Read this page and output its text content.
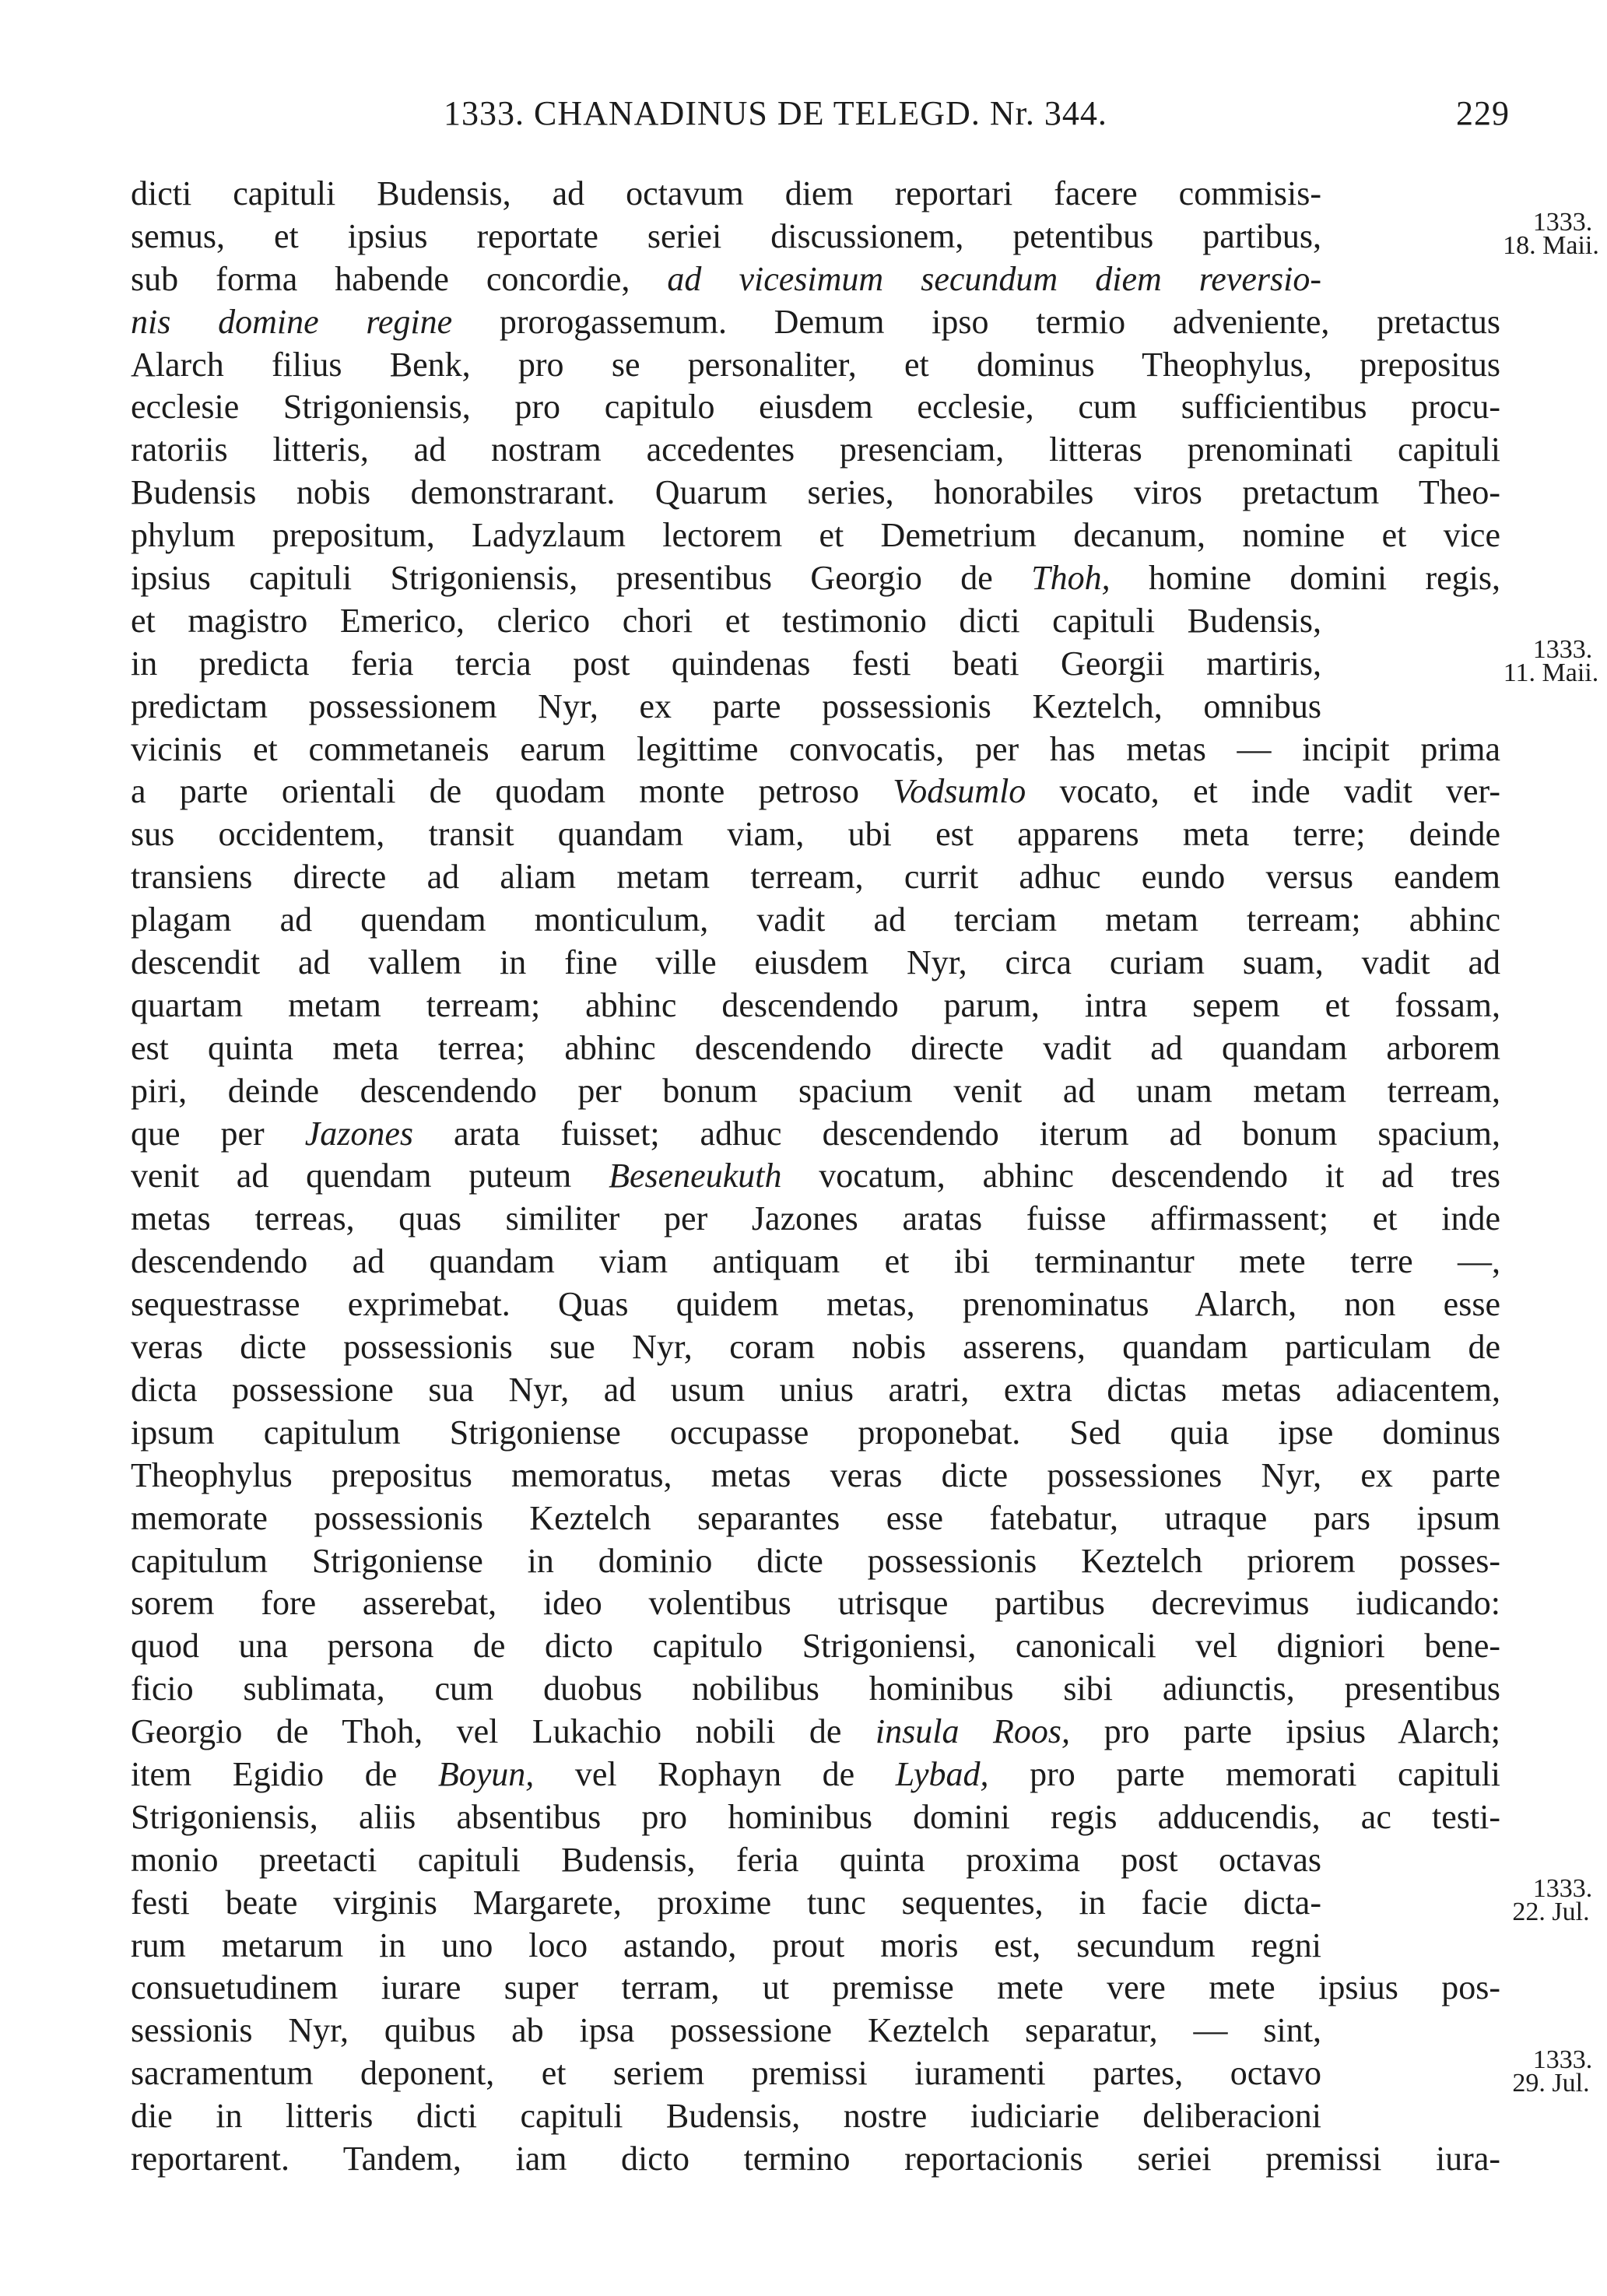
1333. CHANADINUS DE TELEGD. Nr. 344.	229
dicti capituli Budensis, ad octavum diem reportari facere commisis-
semus, et ipsius reportate seriei discussionem, petentibus partibus,
sub forma habende concordie, ad vicesimum secundum diem reversio-
nis domine regine prorogassemum. Demum ipso termio adveniente, pretactus
Alarch filius Benk, pro se personaliter, et dominus Theophylus, prepositus
ecclesie Strigoniensis, pro capitulo eiusdem ecclesie, cum sufficientibus procu-
ratoriis litteris, ad nostram accedentes presenciam, litteras prenominati capituli
Budensis nobis demonstrarant. Quarum series, honorabiles viros pretactum Theo-
phylum prepositum, Ladyzlaum lectorem et Demetrium decanum, nomine et vice
ipsius capituli Strigoniensis, presentibus Georgio de Thoh, homine domini regis,
et magistro Emerico, clerico chori et testimonio dicti capituli Budensis,
in predicta feria tercia post quindenas festi beati Georgii martiris,
predictam possessionem Nyr, ex parte possessionis Keztelch, omnibus
vicinis et commetaneis earum legittime convocatis, per has metas — incipit prima
a parte orientali de quodam monte petroso Vodsumlo vocato, et inde vadit ver-
sus occidentem, transit quandam viam, ubi est apparens meta terre; deinde
transiens directe ad aliam metam terream, currit adhuc eundo versus eandem
plagam ad quendam monticulum, vadit ad terciam metam terream; abhinc
descendit ad vallem in fine ville eiusdem Nyr, circa curiam suam, vadit ad
quartam metam terream; abhinc descendendo parum, intra sepem et fossam,
est quinta meta terrea; abhinc descendendo directe vadit ad quandam arborem
piri, deinde descendendo per bonum spacium venit ad unam metam terream,
que per Jazones arata fuisset; adhuc descendendo iterum ad bonum spacium,
venit ad quendam puteum Beseneukuth vocatum, abhinc descendendo it ad tres
metas terreas, quas similiter per Jazones aratas fuisse affirmassent; et inde
descendendo ad quandam viam antiquam et ibi terminantur mete terre —,
sequestrasse exprimebat. Quas quidem metas, prenominatus Alarch, non esse
veras dicte possessionis sue Nyr, coram nobis asserens, quandam particulam de
dicta possessione sua Nyr, ad usum unius aratri, extra dictas metas adiacentem,
ipsum capitulum Strigoniense occupasse proponebat. Sed quia ipse dominus
Theophylus prepositus memoratus, metas veras dicte possessiones Nyr, ex parte
memorate possessionis Keztelch separantes esse fatebatur, utraque pars ipsum
capitulum Strigoniense in dominio dicte possessionis Keztelch priorem posses-
sorem fore asserebat, ideo volentibus utrisque partibus decrevimus iudicando:
quod una persona de dicto capitulo Strigoniensi, canonicali vel digniori bene-
ficio sublimata, cum duobus nobilibus hominibus sibi adiunctis, presentibus
Georgio de Thoh, vel Lukachio nobili de insula Roos, pro parte ipsius Alarch;
item Egidio de Boyun, vel Rophayn de Lybad, pro parte memorati capituli
Strigoniensis, aliis absentibus pro hominibus domini regis adducendis, ac testi-
monio preetacti capituli Budensis, feria quinta proxima post octavas
festi beate virginis Margarete, proxime tunc sequentes, in facie dicta-
rum metarum in uno loco astando, prout moris est, secundum regni
consuetudinem iurare super terram, ut premisse mete vere mete ipsius pos-
sessionis Nyr, quibus ab ipsa possessione Keztelch separatur, — sint,
sacramentum deponent, et seriem premissi iuramenti partes, octavo
die in litteris dicti capituli Budensis, nostre iudiciarie deliberacioni
reportarent. Tandem, iam dicto termino reportacionis seriei premissi iura-
1333.
18. Maii.
1333.
11. Maii.
1333.
22. Jul.
1333.
29. Jul.
